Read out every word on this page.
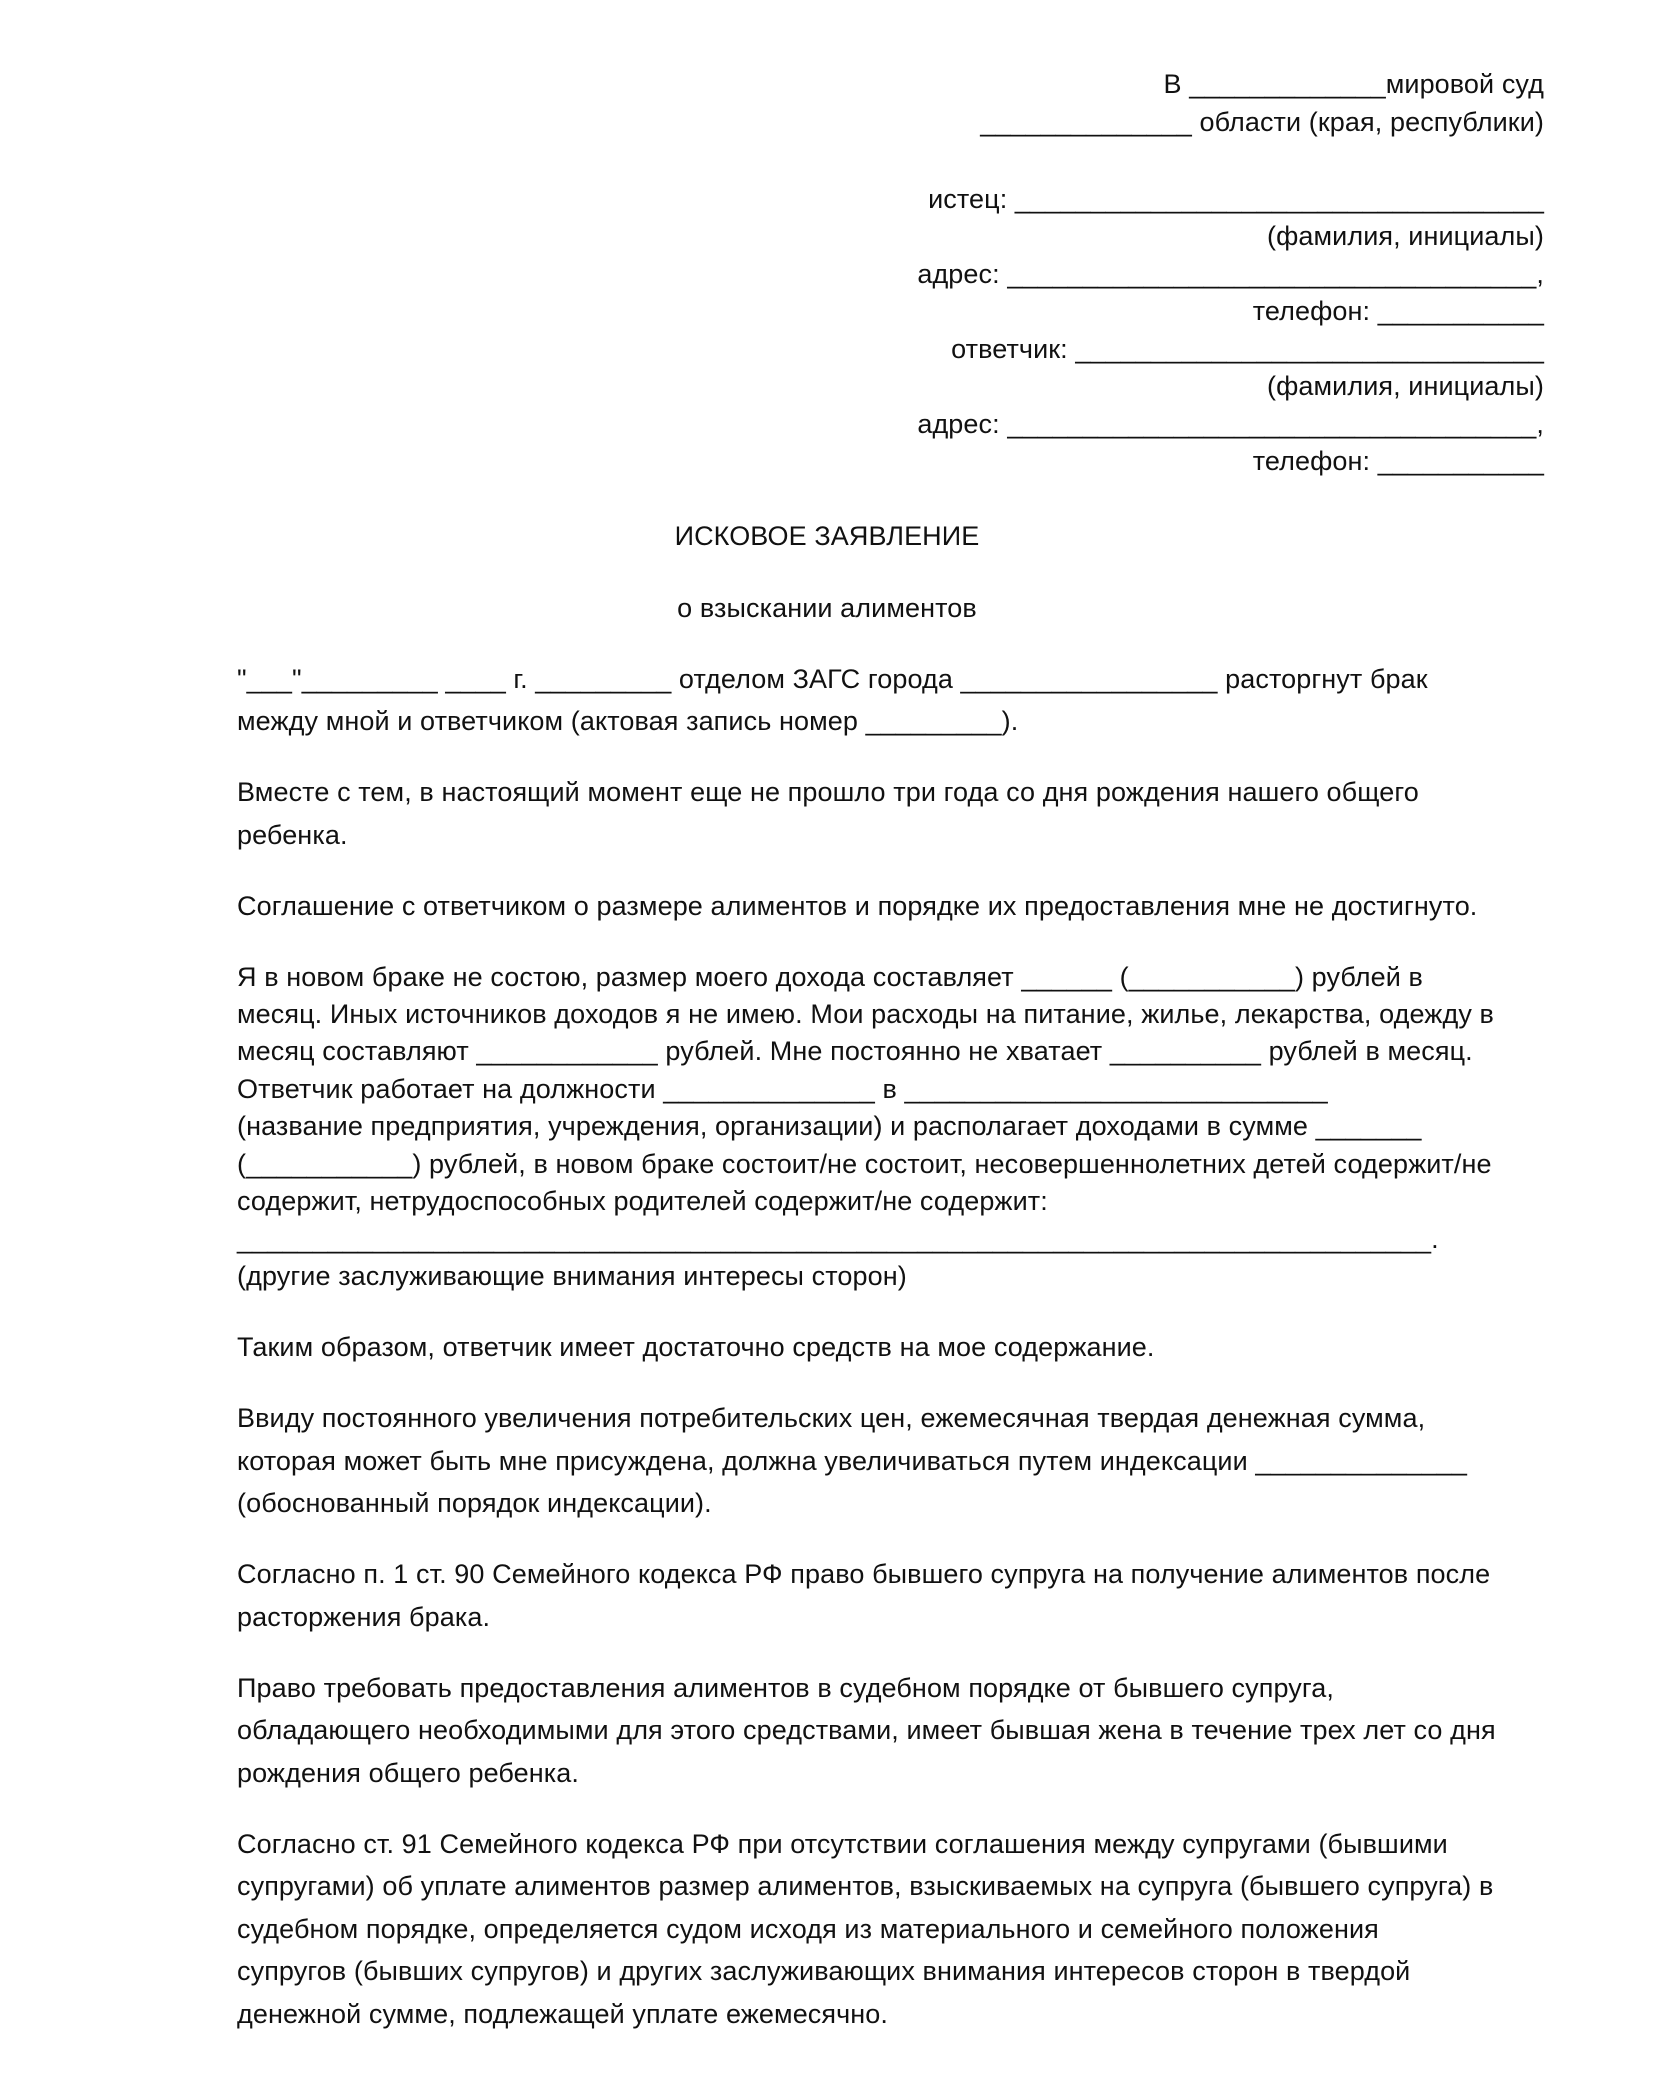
В _____________мировой суд
______________ области (края, республики)
истец: ___________________________________
(фамилия, инициалы)
адрес: ___________________________________,
телефон: ___________
ответчик: _______________________________
(фамилия, инициалы)
адрес: ___________________________________,
телефон: ___________
ИСКОВОЕ ЗАЯВЛЕНИЕ
о взыскании алиментов
"___"_________ ____ г. _________ отделом ЗАГС города _________________ расторгнут брак
между мной и ответчиком (актовая запись номер _________).
Вместе с тем, в настоящий момент еще не прошло три года со дня рождения нашего общего
ребенка.
Соглашение с ответчиком о размере алиментов и порядке их предоставления мне не достигнуто.
Я в новом браке не состою, размер моего дохода составляет ______ (___________) рублей в
месяц. Иных источников доходов я не имею. Мои расходы на питание, жилье, лекарства, одежду в
месяц составляют ____________ рублей. Мне постоянно не хватает __________ рублей в месяц.
Ответчик работает на должности ______________ в ____________________________
(название предприятия, учреждения, организации) и располагает доходами в сумме _______
(___________) рублей, в новом браке состоит/не состоит, несовершеннолетних детей содержит/не
содержит, нетрудоспособных родителей содержит/не содержит:
_______________________________________________________________________________.
(другие заслуживающие внимания интересы сторон)
Таким образом, ответчик имеет достаточно средств на мое содержание.
Ввиду постоянного увеличения потребительских цен, ежемесячная твердая денежная сумма,
которая может быть мне присуждена, должна увеличиваться путем индексации ______________
(обоснованный порядок индексации).
Согласно п. 1 ст. 90 Семейного кодекса РФ право бывшего супруга на получение алиментов после
расторжения брака.
Право требовать предоставления алиментов в судебном порядке от бывшего супруга,
обладающего необходимыми для этого средствами, имеет бывшая жена в течение трех лет со дня
рождения общего ребенка.
Согласно ст. 91 Семейного кодекса РФ при отсутствии соглашения между супругами (бывшими
супругами) об уплате алиментов размер алиментов, взыскиваемых на супруга (бывшего супруга) в
судебном порядке, определяется судом исходя из материального и семейного положения
супругов (бывших супругов) и других заслуживающих внимания интересов сторон в твердой
денежной сумме, подлежащей уплате ежемесячно.
